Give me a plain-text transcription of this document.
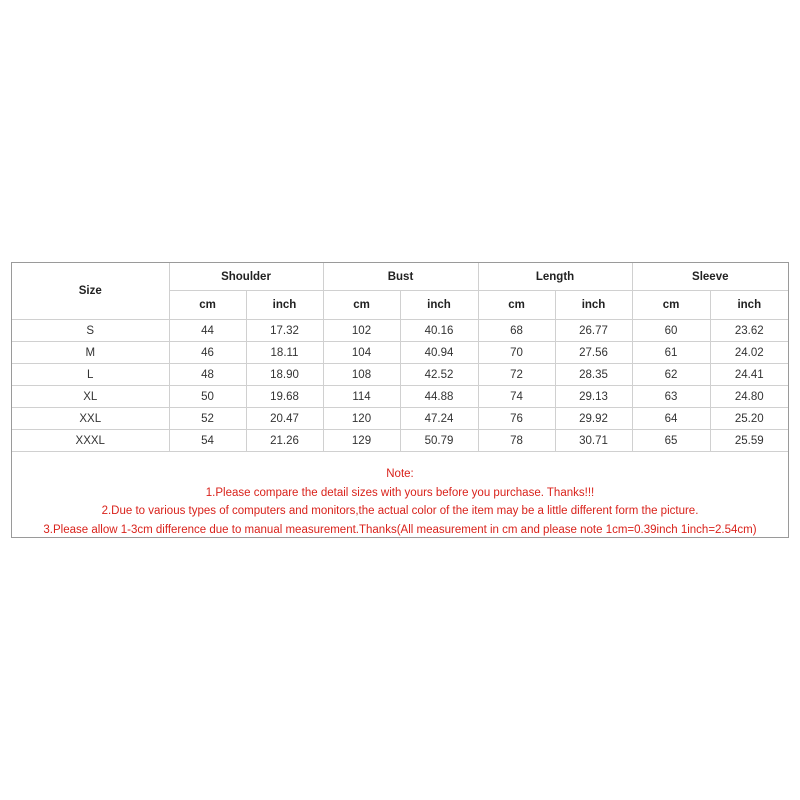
Size	Shoulder		Bust		Length		Sleeve	
	cm	inch	cm	inch	cm	inch	cm	inch
S	44	17.32	102	40.16	68	26.77	60	23.62
M	46	18.11	104	40.94	70	27.56	61	24.02
L	48	18.90	108	42.52	72	28.35	62	24.41
XL	50	19.68	114	44.88	74	29.13	63	24.80
XXL	52	20.47	120	47.24	76	29.92	64	25.20
XXXL	54	21.26	129	50.79	78	30.71	65	25.59
Note:
1.Please compare the detail sizes with yours before you purchase. Thanks!!!
2.Due to various types of computers and monitors,the actual color of the item may be a little different form the picture.
3.Please allow 1-3cm difference due to manual measurement.Thanks(All measurement in cm and please note 1cm=0.39inch 1inch=2.54cm)
